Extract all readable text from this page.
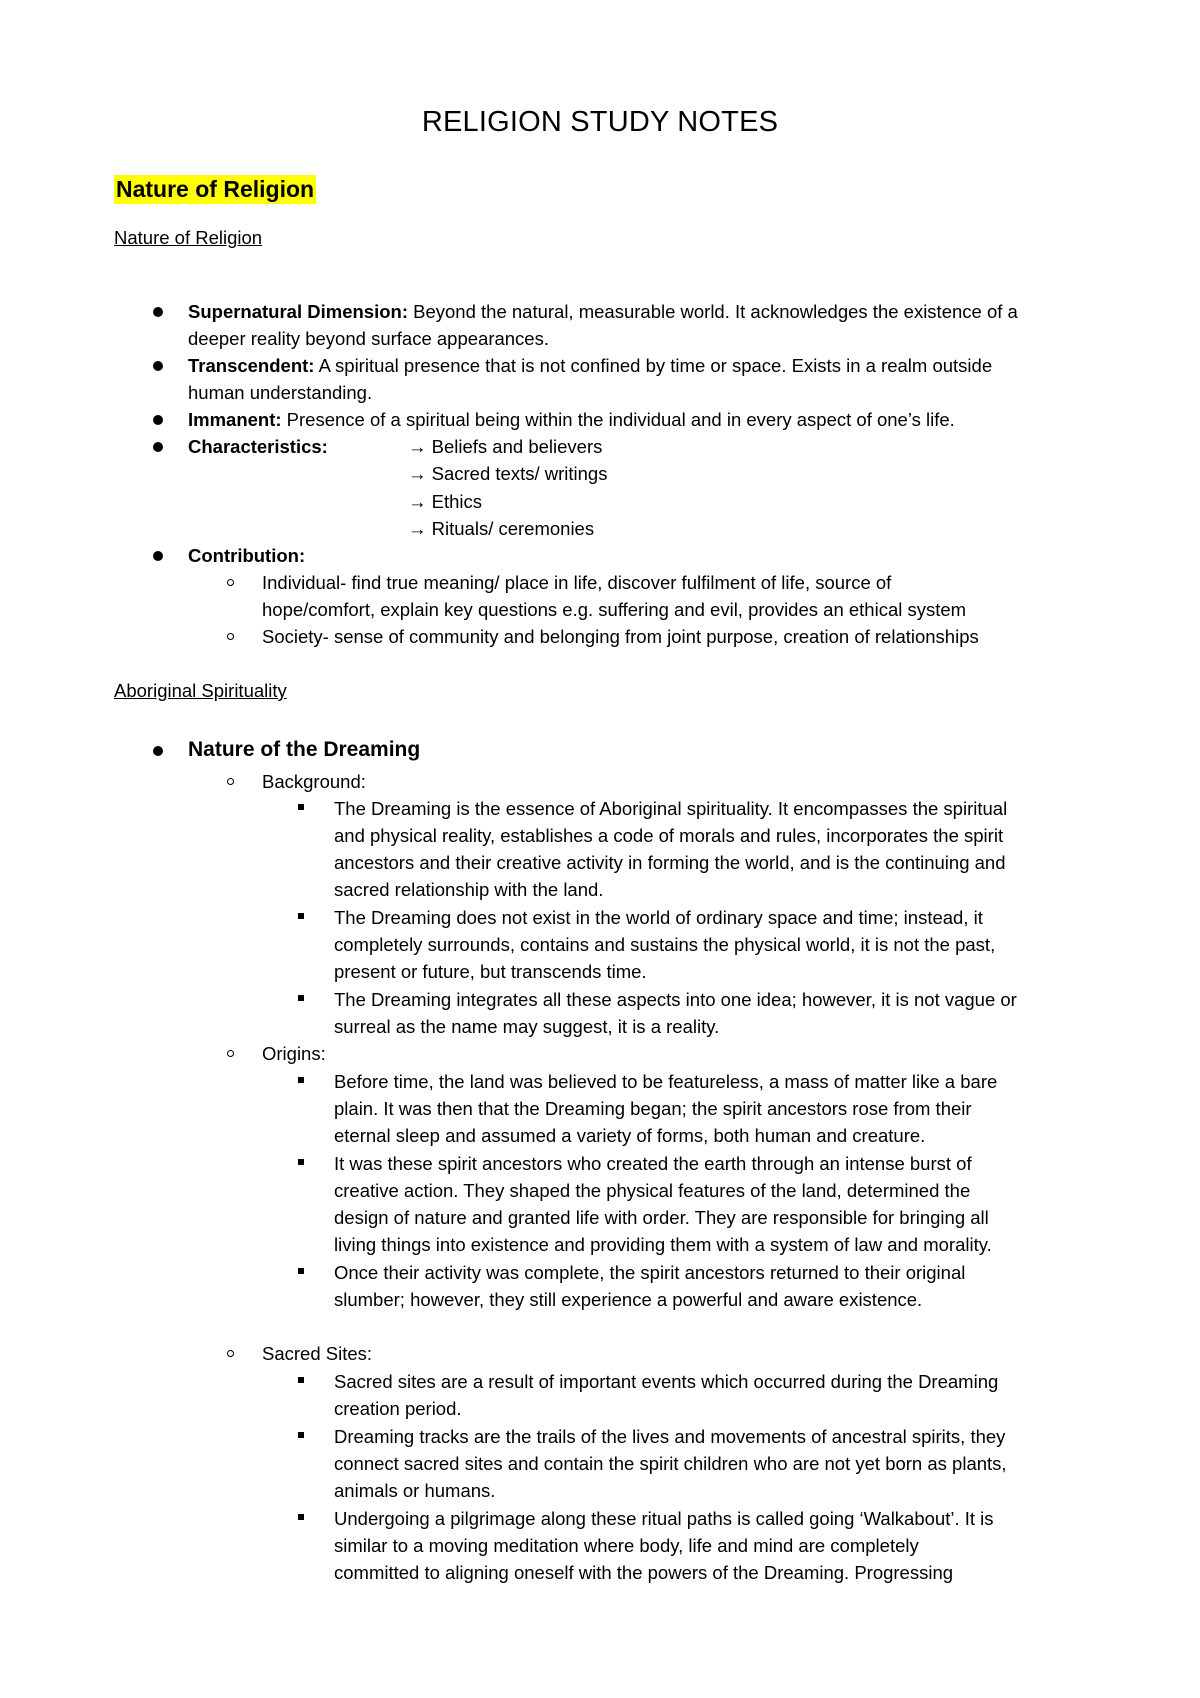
RELIGION STUDY NOTES
Nature of Religion
Nature of Religion
Supernatural Dimension: Beyond the natural, measurable world. It acknowledges the existence of a
deeper reality beyond surface appearances.
Transcendent: A spiritual presence that is not confined by time or space. Exists in a realm outside
human understanding.
Immanent: Presence of a spiritual being within the individual and in every aspect of one’s life.
Characteristics:	→ Beliefs and believers
→ Sacred texts/ writings
→ Ethics
→ Rituals/ ceremonies
Contribution:
Individual- find true meaning/ place in life, discover fulfilment of life, source of
hope/comfort, explain key questions e.g. suffering and evil, provides an ethical system
Society- sense of community and belonging from joint purpose, creation of relationships
Aboriginal Spirituality
Nature of the Dreaming
Background:
The Dreaming is the essence of Aboriginal spirituality. It encompasses the spiritual
and physical reality, establishes a code of morals and rules, incorporates the spirit
ancestors and their creative activity in forming the world, and is the continuing and
sacred relationship with the land.
The Dreaming does not exist in the world of ordinary space and time; instead, it
completely surrounds, contains and sustains the physical world, it is not the past,
present or future, but transcends time.
The Dreaming integrates all these aspects into one idea; however, it is not vague or
surreal as the name may suggest, it is a reality.
Origins:
Before time, the land was believed to be featureless, a mass of matter like a bare
plain. It was then that the Dreaming began; the spirit ancestors rose from their
eternal sleep and assumed a variety of forms, both human and creature.
It was these spirit ancestors who created the earth through an intense burst of
creative action. They shaped the physical features of the land, determined the
design of nature and granted life with order. They are responsible for bringing all
living things into existence and providing them with a system of law and morality.
Once their activity was complete, the spirit ancestors returned to their original
slumber; however, they still experience a powerful and aware existence.
Sacred Sites:
Sacred sites are a result of important events which occurred during the Dreaming
creation period.
Dreaming tracks are the trails of the lives and movements of ancestral spirits, they
connect sacred sites and contain the spirit children who are not yet born as plants,
animals or humans.
Undergoing a pilgrimage along these ritual paths is called going ‘Walkabout’. It is
similar to a moving meditation where body, life and mind are completely
committed to aligning oneself with the powers of the Dreaming. Progressing
